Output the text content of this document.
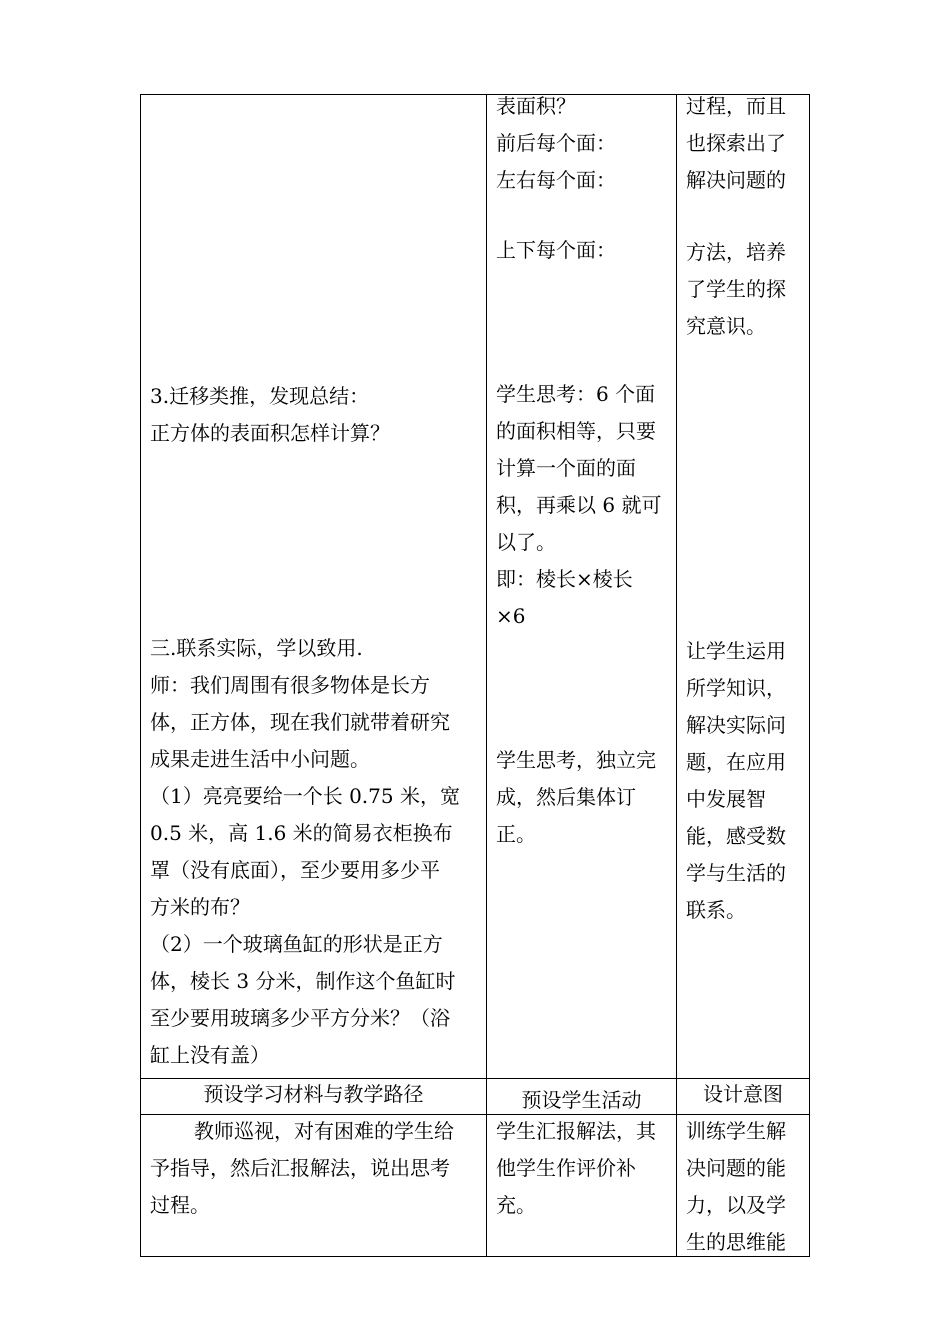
3.迁移类推，发现总结：
正方体的表面积怎样计算？
三.联系实际，学以致用.
师：我们周围有很多物体是长方
体，正方体，现在我们就带着研究
成果走进生活中小问题。
（1）亮亮要给一个长 0.75 米，宽
0.5 米，高 1.6 米的简易衣柜换布
罩（没有底面），至少要用多少平
方米的布？
（2）一个玻璃鱼缸的形状是正方
体，棱长 3 分米，制作这个鱼缸时
至少要用玻璃多少平方分米？（浴
缸上没有盖）
表面积？
前后每个面：
左右每个面：
上下每个面：
学生思考：6 个面
的面积相等，只要
计算一个面的面
积，再乘以 6 就可
以了。
即：棱长×棱长
×6
学生思考，独立完
成，然后集体订
正。
过程，而且
也探索出了
解决问题的
方法，培养
了学生的探
究意识。
让学生运用
所学知识，
解决实际问
题，在应用
中发展智
能，感受数
学与生活的
联系。
预设学习材料与教学路径	预设学生活动	设计意图
教师巡视，对有困难的学生给
予指导，然后汇报解法，说出思考
过程。
学生汇报解法，其
他学生作评价补
充。
训练学生解
决问题的能
力，以及学
生的思维能
